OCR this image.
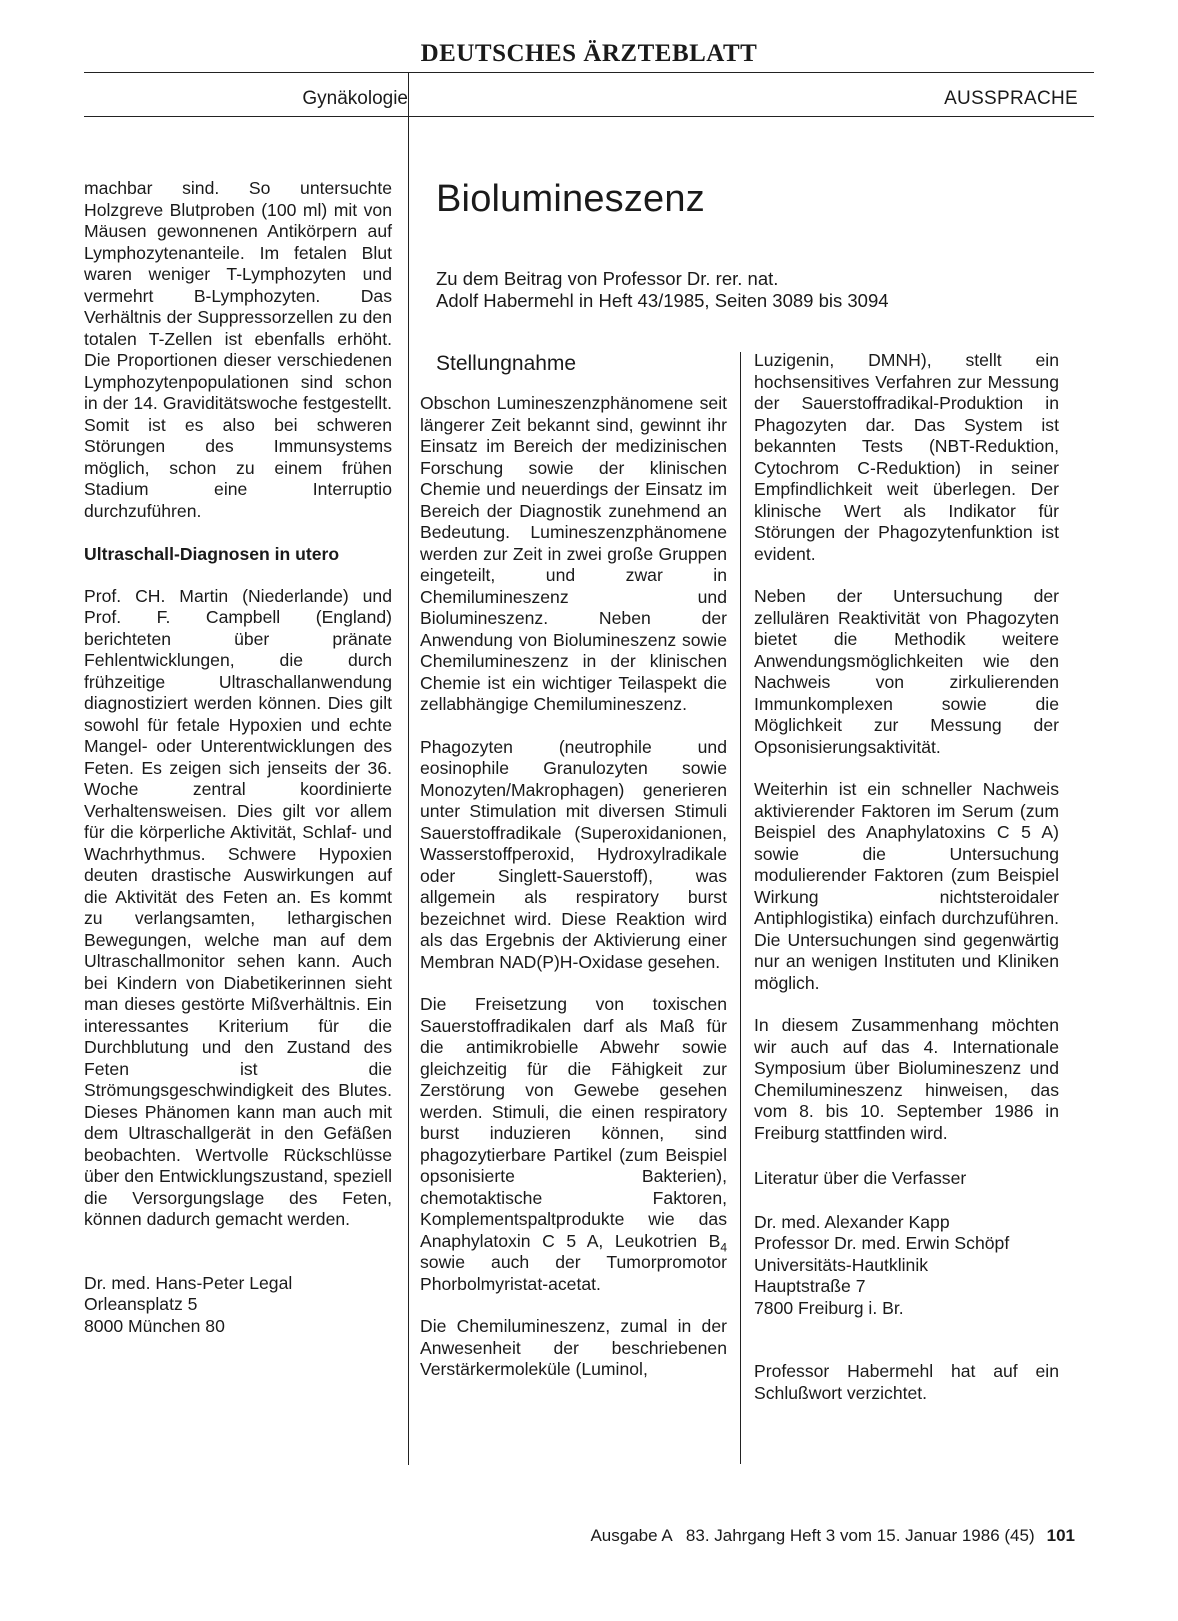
DEUTSCHES ÄRZTEBLATT
Gynäkologie	AUSSPRACHE

machbar sind. So untersuchte Holzgreve Blutproben (100 ml) mit von Mäusen gewonnenen Antikörpern auf Lymphozytenanteile. Im fetalen Blut waren weniger T-Lymphozyten und vermehrt B-Lymphozyten. Das Verhältnis der Suppressorzellen zu den totalen T-Zellen ist ebenfalls erhöht. Die Proportionen dieser verschiedenen Lymphozytenpopulationen sind schon in der 14. Graviditätswoche festgestellt. Somit ist es also bei schweren Störungen des Immunsystems möglich, schon zu einem frühen Stadium eine Interruptio durchzuführen.

Ultraschall-Diagnosen in utero

Prof. CH. Martin (Niederlande) und Prof. F. Campbell (England) berichteten über pränate Fehlentwicklungen, die durch frühzeitige Ultraschallanwendung diagnostiziert werden können. Dies gilt sowohl für fetale Hypoxien und echte Mangel- oder Unterentwicklungen des Feten. Es zeigen sich jenseits der 36. Woche zentral koordinierte Verhaltensweisen. Dies gilt vor allem für die körperliche Aktivität, Schlaf- und Wachrhythmus. Schwere Hypoxien deuten drastische Auswirkungen auf die Aktivität des Feten an. Es kommt zu verlangsamten, lethargischen Bewegungen, welche man auf dem Ultraschallmonitor sehen kann. Auch bei Kindern von Diabetikerinnen sieht man dieses gestörte Mißverhältnis. Ein interessantes Kriterium für die Durchblutung und den Zustand des Feten ist die Strömungsgeschwindigkeit des Blutes. Dieses Phänomen kann man auch mit dem Ultraschallgerät in den Gefäßen beobachten. Wertvolle Rückschlüsse über den Entwicklungszustand, speziell die Versorgungslage des Feten, können dadurch gemacht werden.

Dr. med. Hans-Peter Legal

Orleansplatz 5

8000 München 80

Biolumineszenz
Zu dem Beitrag von Professor Dr. rer. nat.
Adolf Habermehl in Heft 43/1985, Seiten 3089 bis 3094
Stellungnahme

Obschon Lumineszenzphänomene seit längerer Zeit bekannt sind, gewinnt ihr Einsatz im Bereich der medizinischen Forschung sowie der klinischen Chemie und neuerdings der Einsatz im Bereich der Diagnostik zunehmend an Bedeutung. Lumineszenzphänomene werden zur Zeit in zwei große Gruppen eingeteilt, und zwar in Chemilumineszenz und Biolumineszenz. Neben der Anwendung von Biolumineszenz sowie Chemilumineszenz in der klinischen Chemie ist ein wichtiger Teilaspekt die zellabhängige Chemilumineszenz.

Phagozyten (neutrophile und eosinophile Granulozyten sowie Monozyten/Makrophagen) generieren unter Stimulation mit diversen Stimuli Sauerstoffradikale (Superoxidanionen, Wasserstoffperoxid, Hydroxylradikale oder Singlett-Sauerstoff), was allgemein als respiratory burst bezeichnet wird. Diese Reaktion wird als das Ergebnis der Aktivierung einer Membran NAD(P)H-Oxidase gesehen.

Die Freisetzung von toxischen Sauerstoffradikalen darf als Maß für die antimikrobielle Abwehr sowie gleichzeitig für die Fähigkeit zur Zerstörung von Gewebe gesehen werden. Stimuli, die einen respiratory burst induzieren können, sind phagozytierbare Partikel (zum Beispiel opsonisierte Bakterien), chemotaktische Faktoren, Komplementspaltprodukte wie das Anaphylatoxin C 5 A, Leukotrien $B_4$ sowie auch der Tumorpromotor Phorbolmyristat-acetat.

Die Chemilumineszenz, zumal in der Anwesenheit der beschriebenen Verstärkermoleküle (Luminol,

Luzigenin, DMNH), stellt ein hochsensitives Verfahren zur Messung der Sauerstoffradikal-Produktion in Phagozyten dar. Das System ist bekannten Tests (NBT-Reduktion, Cytochrom C-Reduktion) in seiner Empfindlichkeit weit überlegen. Der klinische Wert als Indikator für Störungen der Phagozytenfunktion ist evident.

Neben der Untersuchung der zellulären Reaktivität von Phagozyten bietet die Methodik weitere Anwendungsmöglichkeiten wie den Nachweis von zirkulierenden Immunkomplexen sowie die Möglichkeit zur Messung der Opsonisierungsaktivität.

Weiterhin ist ein schneller Nachweis aktivierender Faktoren im Serum (zum Beispiel des Anaphylatoxins C 5 A) sowie die Untersuchung modulierender Faktoren (zum Beispiel Wirkung nichtsteroidaler Antiphlogistika) einfach durchzuführen. Die Untersuchungen sind gegenwärtig nur an wenigen Instituten und Kliniken möglich.

In diesem Zusammenhang möchten wir auch auf das 4. Internationale Symposium über Biolumineszenz und Chemilumineszenz hinweisen, das vom 8. bis 10. September 1986 in Freiburg stattfinden wird.

Literatur über die Verfasser

Dr. med. Alexander Kapp

Professor Dr. med. Erwin Schöpf

Universitäts-Hautklinik

Hauptstraße 7

7800 Freiburg i. Br.

Professor Habermehl hat auf ein Schlußwort verzichtet.

Ausgabe A   83. Jahrgang Heft 3 vom 15. Januar 1986 (45) 101
